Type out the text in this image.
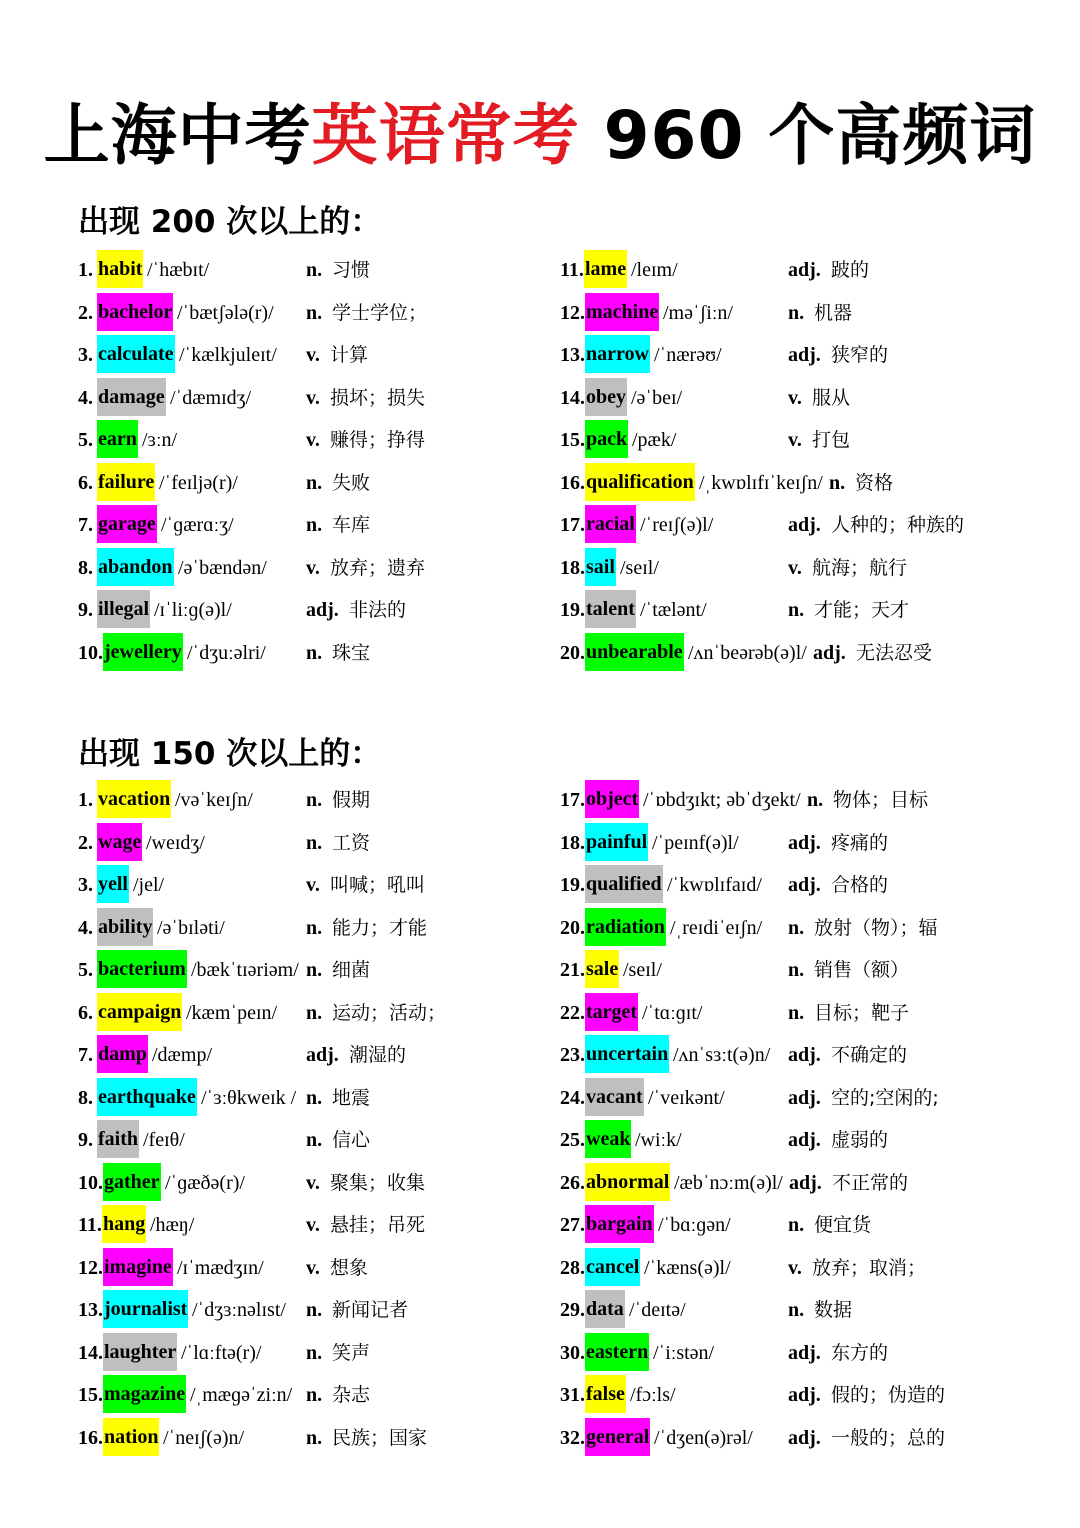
上海中考英语常考 960 个高频词
出现 200 次以上的：
1. habit /ˈhæbɪt/	n. 习惯
2. bachelor /ˈbætʃələ(r)/ n. 学士学位；
3. calculate /ˈkælkjuleɪt/ v. 计算
4. damage /ˈdæmɪdʒ/	v. 损坏；损失
5. earn /ɜːn/	v. 赚得；挣得
6. failure /ˈfeɪljə(r)/	n. 失败
7. garage /ˈɡærɑːʒ/	n. 车库
8. abandon /əˈbændən/ v. 放弃；遗弃
9. illegal /ɪˈliːɡ(ə)l/	adj. 非法的
10. jewellery /ˈdʒuːəlri/ n. 珠宝
11. lame /leɪm/	adj. 跛的
12. machine /məˈʃiːn/	n. 机器
13. narrow /ˈnærəʊ/	adj. 狭窄的
14. obey /əˈbeɪ/	v. 服从
15. pack /pæk/	v. 打包
16. qualification /ˌkwɒlɪfɪˈkeɪʃn/ n. 资格
17. racial /ˈreɪʃ(ə)l/	adj. 人种的；种族的
18. sail /seɪl/	v. 航海；航行
19. talent /ˈtælənt/	n. 才能；天才
20. unbearable /ʌnˈbeərəb(ə)l/ adj. 无法忍受
出现 150 次以上的：
1. vacation /vəˈkeɪʃn/	n. 假期
2. wage /weɪdʒ/	n. 工资
3. yell /jel/	v. 叫喊；吼叫
4. ability /əˈbɪləti/	n. 能力；才能
5. bacterium /bækˈtɪəriəm/ n. 细菌
6. campaign /kæmˈpeɪn/ n. 运动；活动；
7. damp /dæmp/	adj. 潮湿的
8. earthquake /ˈɜːθkweɪk / n. 地震
9. faith /feɪθ/	n. 信心
10. gather /ˈɡæðə(r)/	v. 聚集；收集
11. hang /hæŋ/	v. 悬挂；吊死
12. imagine /ɪˈmædʒɪn/ v. 想象
13. journalist /ˈdʒɜːnəlɪst/ n. 新闻记者
14. laughter /ˈlɑːftə(r)/ n. 笑声
15. magazine /ˌmæɡəˈziːn/ n. 杂志
16. nation /ˈneɪʃ(ə)n/	n. 民族；国家
17. object /ˈɒbdʒɪkt; əbˈdʒekt/ n. 物体；目标
18. painful /ˈpeɪnf(ə)l/ adj. 疼痛的
19. qualified /ˈkwɒlɪfaɪd/ adj. 合格的
20. radiation /ˌreɪdiˈeɪʃn/ n. 放射（物）；辐
21. sale /seɪl/	n. 销售（额）
22. target /ˈtɑːɡɪt/	n. 目标；靶子
23. uncertain /ʌnˈsɜːt(ə)n/ adj. 不确定的
24. vacant /ˈveɪkənt/	adj. 空的;空闲的;
25. weak /wiːk/	adj. 虚弱的
26. abnormal /æbˈnɔːm(ə)l/ adj. 不正常的
27. bargain /ˈbɑːɡən/	n. 便宜货
28. cancel /ˈkæns(ə)l/	v. 放弃；取消；
29. data /ˈdeɪtə/	n. 数据
30. eastern /ˈiːstən/	adj. 东方的
31. false /fɔːls/	adj. 假的；伪造的
32. general /ˈdʒen(ə)rəl/ adj. 一般的；总的
